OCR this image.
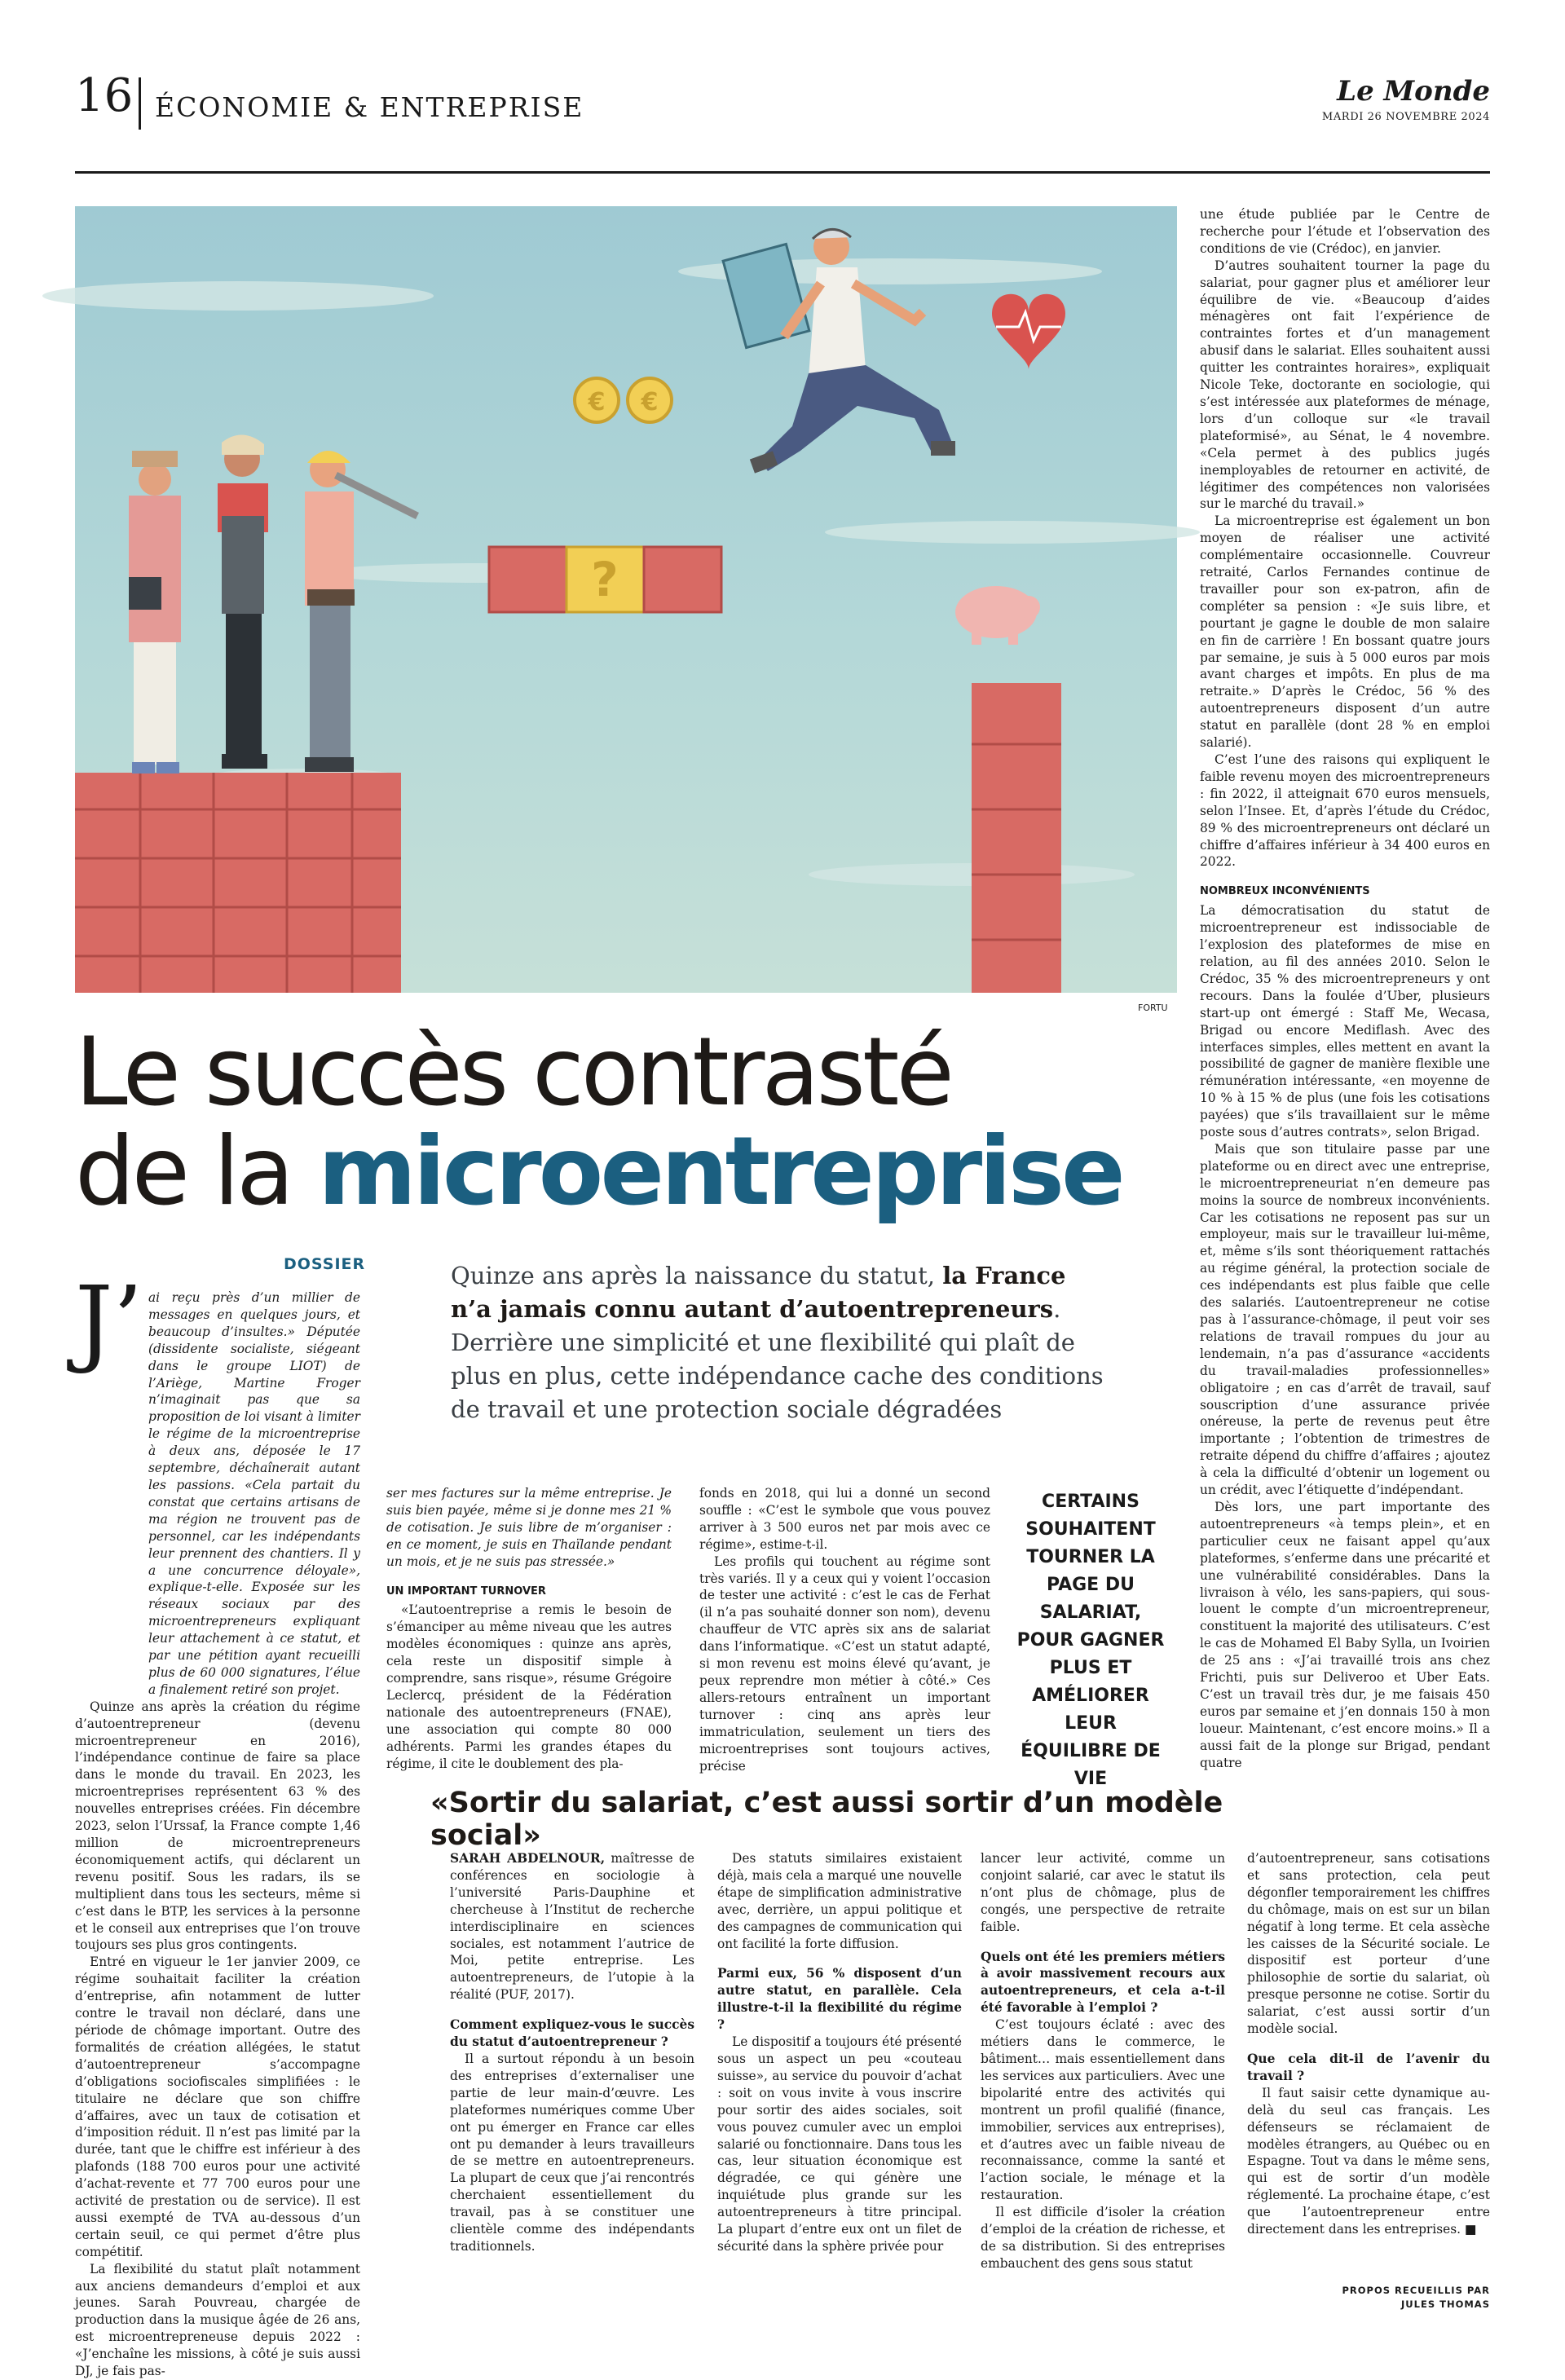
16 ÉCONOMIE & ENTREPRISE	Le Monde
MARDI 26 NOVEMBRE 2024
?
€ €
FORTU
Le succès contrasté
de la microentreprise
DOSSIER	Quinze ans après la naissance du statut, la France n’a jamais connu autant d’autoentrepreneurs. Derrière une simplicité et une flexibilité qui plaît de plus en plus, cette indépendance cache des conditions de travail et une protection sociale dégradées
J’ ai reçu près d’un millier de messages en quelques jours, et beaucoup d’insultes.» Députée (dissidente socialiste, siégeant dans le groupe LIOT) de l’Ariège, Martine Froger n’imaginait pas que sa proposition de loi visant à limiter le régime de la microentreprise à deux ans, déposée le 17 septembre, déchaînerait autant les passions. «Cela partait du constat que certains artisans de ma région ne trouvent pas de personnel, car les indépendants leur prennent des chantiers. Il y a une concurrence déloyale», explique-t-elle. Exposée sur les réseaux sociaux par des microentrepreneurs expliquant leur attachement à ce statut, et par une pétition ayant recueilli plus de 60 000 signatures, l’élue a finalement retiré son projet.

Quinze ans après la création du régime d’autoentrepreneur (devenu microentrepreneur en 2016), l’indépendance continue de faire sa place dans le monde du travail. En 2023, les microentreprises représentent 63 % des nouvelles entreprises créées. Fin décembre 2023, selon l’Urssaf, la France compte 1,46 million de microentrepreneurs économiquement actifs, qui déclarent un revenu positif. Sous les radars, ils se multiplient dans tous les secteurs, même si c’est dans le BTP, les services à la personne et le conseil aux entreprises que l’on trouve toujours ses plus gros contingents.

Entré en vigueur le 1er janvier 2009, ce régime souhaitait faciliter la création d’entreprise, afin notamment de lutter contre le travail non déclaré, dans une période de chômage important. Outre des formalités de création allégées, le statut d’autoentrepreneur s’accompagne d’obligations sociofiscales simplifiées : le titulaire ne déclare que son chiffre d’affaires, avec un taux de cotisation et d’imposition réduit. Il n’est pas limité par la durée, tant que le chiffre est inférieur à des plafonds (188 700 euros pour une activité d’achat-revente et 77 700 euros pour une activité de prestation ou de service). Il est aussi exempté de TVA au-dessous d’un certain seuil, ce qui permet d’être plus compétitif.

La flexibilité du statut plaît notamment aux anciens demandeurs d’emploi et aux jeunes. Sarah Pouvreau, chargée de production dans la musique âgée de 26 ans, est microentrepreneuse depuis 2022 : «J’enchaîne les missions, à côté je suis aussi DJ, je fais pas-

ser mes factures sur la même entreprise. Je suis bien payée, même si je donne mes 21 % de cotisation. Je suis libre de m’organiser : en ce moment, je suis en Thaïlande pendant un mois, et je ne suis pas stressée.»

UN IMPORTANT TURNOVER

«L’autoentreprise a remis le besoin de s’émanciper au même niveau que les autres modèles économiques : quinze ans après, cela reste un dispositif simple à comprendre, sans risque», résume Grégoire Leclercq, président de la Fédération nationale des autoentrepreneurs (FNAE), une association qui compte 80 000 adhérents. Parmi les grandes étapes du régime, il cite le doublement des pla-

fonds en 2018, qui lui a donné un second souffle : «C’est le symbole que vous pouvez arriver à 3 500 euros net par mois avec ce régime», estime-t-il.

Les profils qui touchent au régime sont très variés. Il y a ceux qui y voient l’occasion de tester une activité : c’est le cas de Ferhat (il n’a pas souhaité donner son nom), devenu chauffeur de VTC après six ans de salariat dans l’informatique. «C’est un statut adapté, si mon revenu est moins élevé qu’avant, je peux reprendre mon métier à côté.» Ces allers-retours entraînent un important turnover : cinq ans après leur immatriculation, seulement un tiers des microentreprises sont toujours actives, précise

CERTAINS SOUHAITENT TOURNER LA PAGE DU SALARIAT, POUR GAGNER PLUS ET AMÉLIORER LEUR ÉQUILIBRE DE VIE

une étude publiée par le Centre de recherche pour l’étude et l’observation des conditions de vie (Crédoc), en janvier.

D’autres souhaitent tourner la page du salariat, pour gagner plus et améliorer leur équilibre de vie. «Beaucoup d’aides ménagères ont fait l’expérience de contraintes fortes et d’un management abusif dans le salariat. Elles souhaitent aussi quitter les contraintes horaires», expliquait Nicole Teke, doctorante en sociologie, qui s’est intéressée aux plateformes de ménage, lors d’un colloque sur «le travail plateformisé», au Sénat, le 4 novembre. «Cela permet à des publics jugés inemployables de retourner en activité, de légitimer des compétences non valorisées sur le marché du travail.»

La microentreprise est également un bon moyen de réaliser une activité complémentaire occasionnelle. Couvreur retraité, Carlos Fernandes continue de travailler pour son ex-patron, afin de compléter sa pension : «Je suis libre, et pourtant je gagne le double de mon salaire en fin de carrière ! En bossant quatre jours par semaine, je suis à 5 000 euros par mois avant charges et impôts. En plus de ma retraite.» D’après le Crédoc, 56 % des autoentrepreneurs disposent d’un autre statut en parallèle (dont 28 % en emploi salarié).

C’est l’une des raisons qui expliquent le faible revenu moyen des microentrepreneurs : fin 2022, il atteignait 670 euros mensuels, selon l’Insee. Et, d’après l’étude du Crédoc, 89 % des microentrepreneurs ont déclaré un chiffre d’affaires inférieur à 34 400 euros en 2022.

NOMBREUX INCONVÉNIENTS

La démocratisation du statut de microentrepreneur est indissociable de l’explosion des plateformes de mise en relation, au fil des années 2010. Selon le Crédoc, 35 % des microentrepreneurs y ont recours. Dans la foulée d’Uber, plusieurs start-up ont émergé : Staff Me, Wecasa, Brigad ou encore Mediflash. Avec des interfaces simples, elles mettent en avant la possibilité de gagner de manière flexible une rémunération intéressante, «en moyenne de 10 % à 15 % de plus (une fois les cotisations payées) que s’ils travaillaient sur le même poste sous d’autres contrats», selon Brigad.

Mais que son titulaire passe par une plateforme ou en direct avec une entreprise, le microentrepreneuriat n’en demeure pas moins la source de nombreux inconvénients. Car les cotisations ne reposent pas sur un employeur, mais sur le travailleur lui-même, et, même s’ils sont théoriquement rattachés au régime général, la protection sociale de ces indépendants est plus faible que celle des salariés. L’autoentrepreneur ne cotise pas à l’assurance-chômage, il peut voir ses relations de travail rompues du jour au lendemain, n’a pas d’assurance «accidents du travail-maladies professionnelles» obligatoire ; en cas d’arrêt de travail, sauf souscription d’une assurance privée onéreuse, la perte de revenus peut être importante ; l’obtention de trimestres de retraite dépend du chiffre d’affaires ; ajoutez à cela la difficulté d’obtenir un logement ou un crédit, avec l’étiquette d’indépendant.

Dès lors, une part importante des autoentrepreneurs «à temps plein», et en particulier ceux ne faisant appel qu’aux plateformes, s’enferme dans une précarité et une vulnérabilité considérables. Dans la livraison à vélo, les sans-papiers, qui sous-louent le compte d’un microentrepreneur, constituent la majorité des utilisateurs. C’est le cas de Mohamed El Baby Sylla, un Ivoirien de 25 ans : «J’ai travaillé trois ans chez Frichti, puis sur Deliveroo et Uber Eats. C’est un travail très dur, je me faisais 450 euros par semaine et j’en donnais 150 à mon loueur. Maintenant, c’est encore moins.» Il a aussi fait de la plonge sur Brigad, pendant quatre

«Sortir du salariat, c’est aussi sortir d’un modèle social»

SARAH ABDELNOUR, maîtresse de conférences en sociologie à l’université Paris-Dauphine et chercheuse à l’Institut de recherche interdisciplinaire en sciences sociales, est notamment l’autrice de Moi, petite entreprise. Les autoentrepreneurs, de l’utopie à la réalité (PUF, 2017).

Comment expliquez-vous le succès du statut d’autoentrepreneur ?

Il a surtout répondu à un besoin des entreprises d’externaliser une partie de leur main-d’œuvre. Les plateformes numériques comme Uber ont pu émerger en France car elles ont pu demander à leurs travailleurs de se mettre en autoentrepreneurs. La plupart de ceux que j’ai rencontrés cherchaient essentiellement du travail, pas à se constituer une clientèle comme des indépendants traditionnels.

Des statuts similaires existaient déjà, mais cela a marqué une nouvelle étape de simplification administrative avec, derrière, un appui politique et des campagnes de communication qui ont facilité la forte diffusion.

Parmi eux, 56 % disposent d’un autre statut, en parallèle. Cela illustre-t-il la flexibilité du régime ?

Le dispositif a toujours été présenté sous un aspect un peu «couteau suisse», au service du pouvoir d’achat : soit on vous invite à vous inscrire pour sortir des aides sociales, soit vous pouvez cumuler avec un emploi salarié ou fonctionnaire. Dans tous les cas, leur situation économique est dégradée, ce qui génère une inquiétude plus grande sur les autoentrepreneurs à titre principal. La plupart d’entre eux ont un filet de sécurité dans la sphère privée pour

lancer leur activité, comme un conjoint salarié, car avec le statut ils n’ont plus de chômage, plus de congés, une perspective de retraite faible.

Quels ont été les premiers métiers à avoir massivement recours aux autoentrepreneurs, et cela a-t-il été favorable à l’emploi ?

C’est toujours éclaté : avec des métiers dans le commerce, le bâtiment… mais essentiellement dans les services aux particuliers. Avec une bipolarité entre des activités qui montrent un profil qualifié (finance, immobilier, services aux entreprises), et d’autres avec un faible niveau de reconnaissance, comme la santé et l’action sociale, le ménage et la restauration.

Il est difficile d’isoler la création d’emploi de la création de richesse, et de sa distribution. Si des entreprises embauchent des gens sous statut

d’autoentrepreneur, sans cotisations et sans protection, cela peut dégonfler temporairement les chiffres du chômage, mais on est sur un bilan négatif à long terme. Et cela assèche les caisses de la Sécurité sociale. Le dispositif est porteur d’une philosophie de sortie du salariat, où presque personne ne cotise. Sortir du salariat, c’est aussi sortir d’un modèle social.

Que cela dit-il de l’avenir du travail ?

Il faut saisir cette dynamique au-delà du seul cas français. Les défenseurs se réclamaient de modèles étrangers, au Québec ou en Espagne. Tout va dans le même sens, qui est de sortir d’un modèle réglementé. La prochaine étape, c’est que l’autoentrepreneur entre directement dans les entreprises. ■

PROPOS RECUEILLIS PAR
JULES THOMAS
